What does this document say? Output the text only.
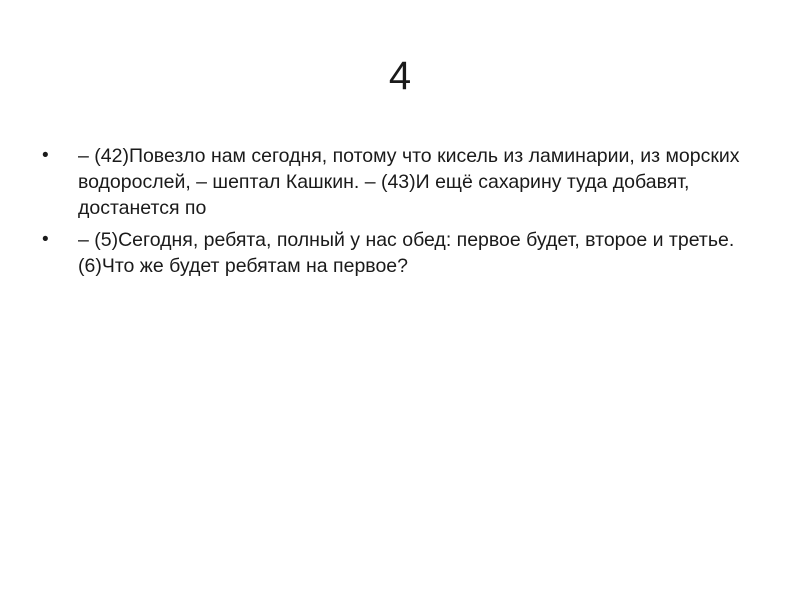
4
•	– (42)Повезло нам сегодня, потому что кисель из ламинарии, из морских водорослей, – шептал Кашкин. – (43)И ещё сахарину туда добавят, достанется по
•	– (5)Сегодня, ребята, полный у нас обед: первое будет, второе и третье. (6)Что же будет ребятам на первое?
